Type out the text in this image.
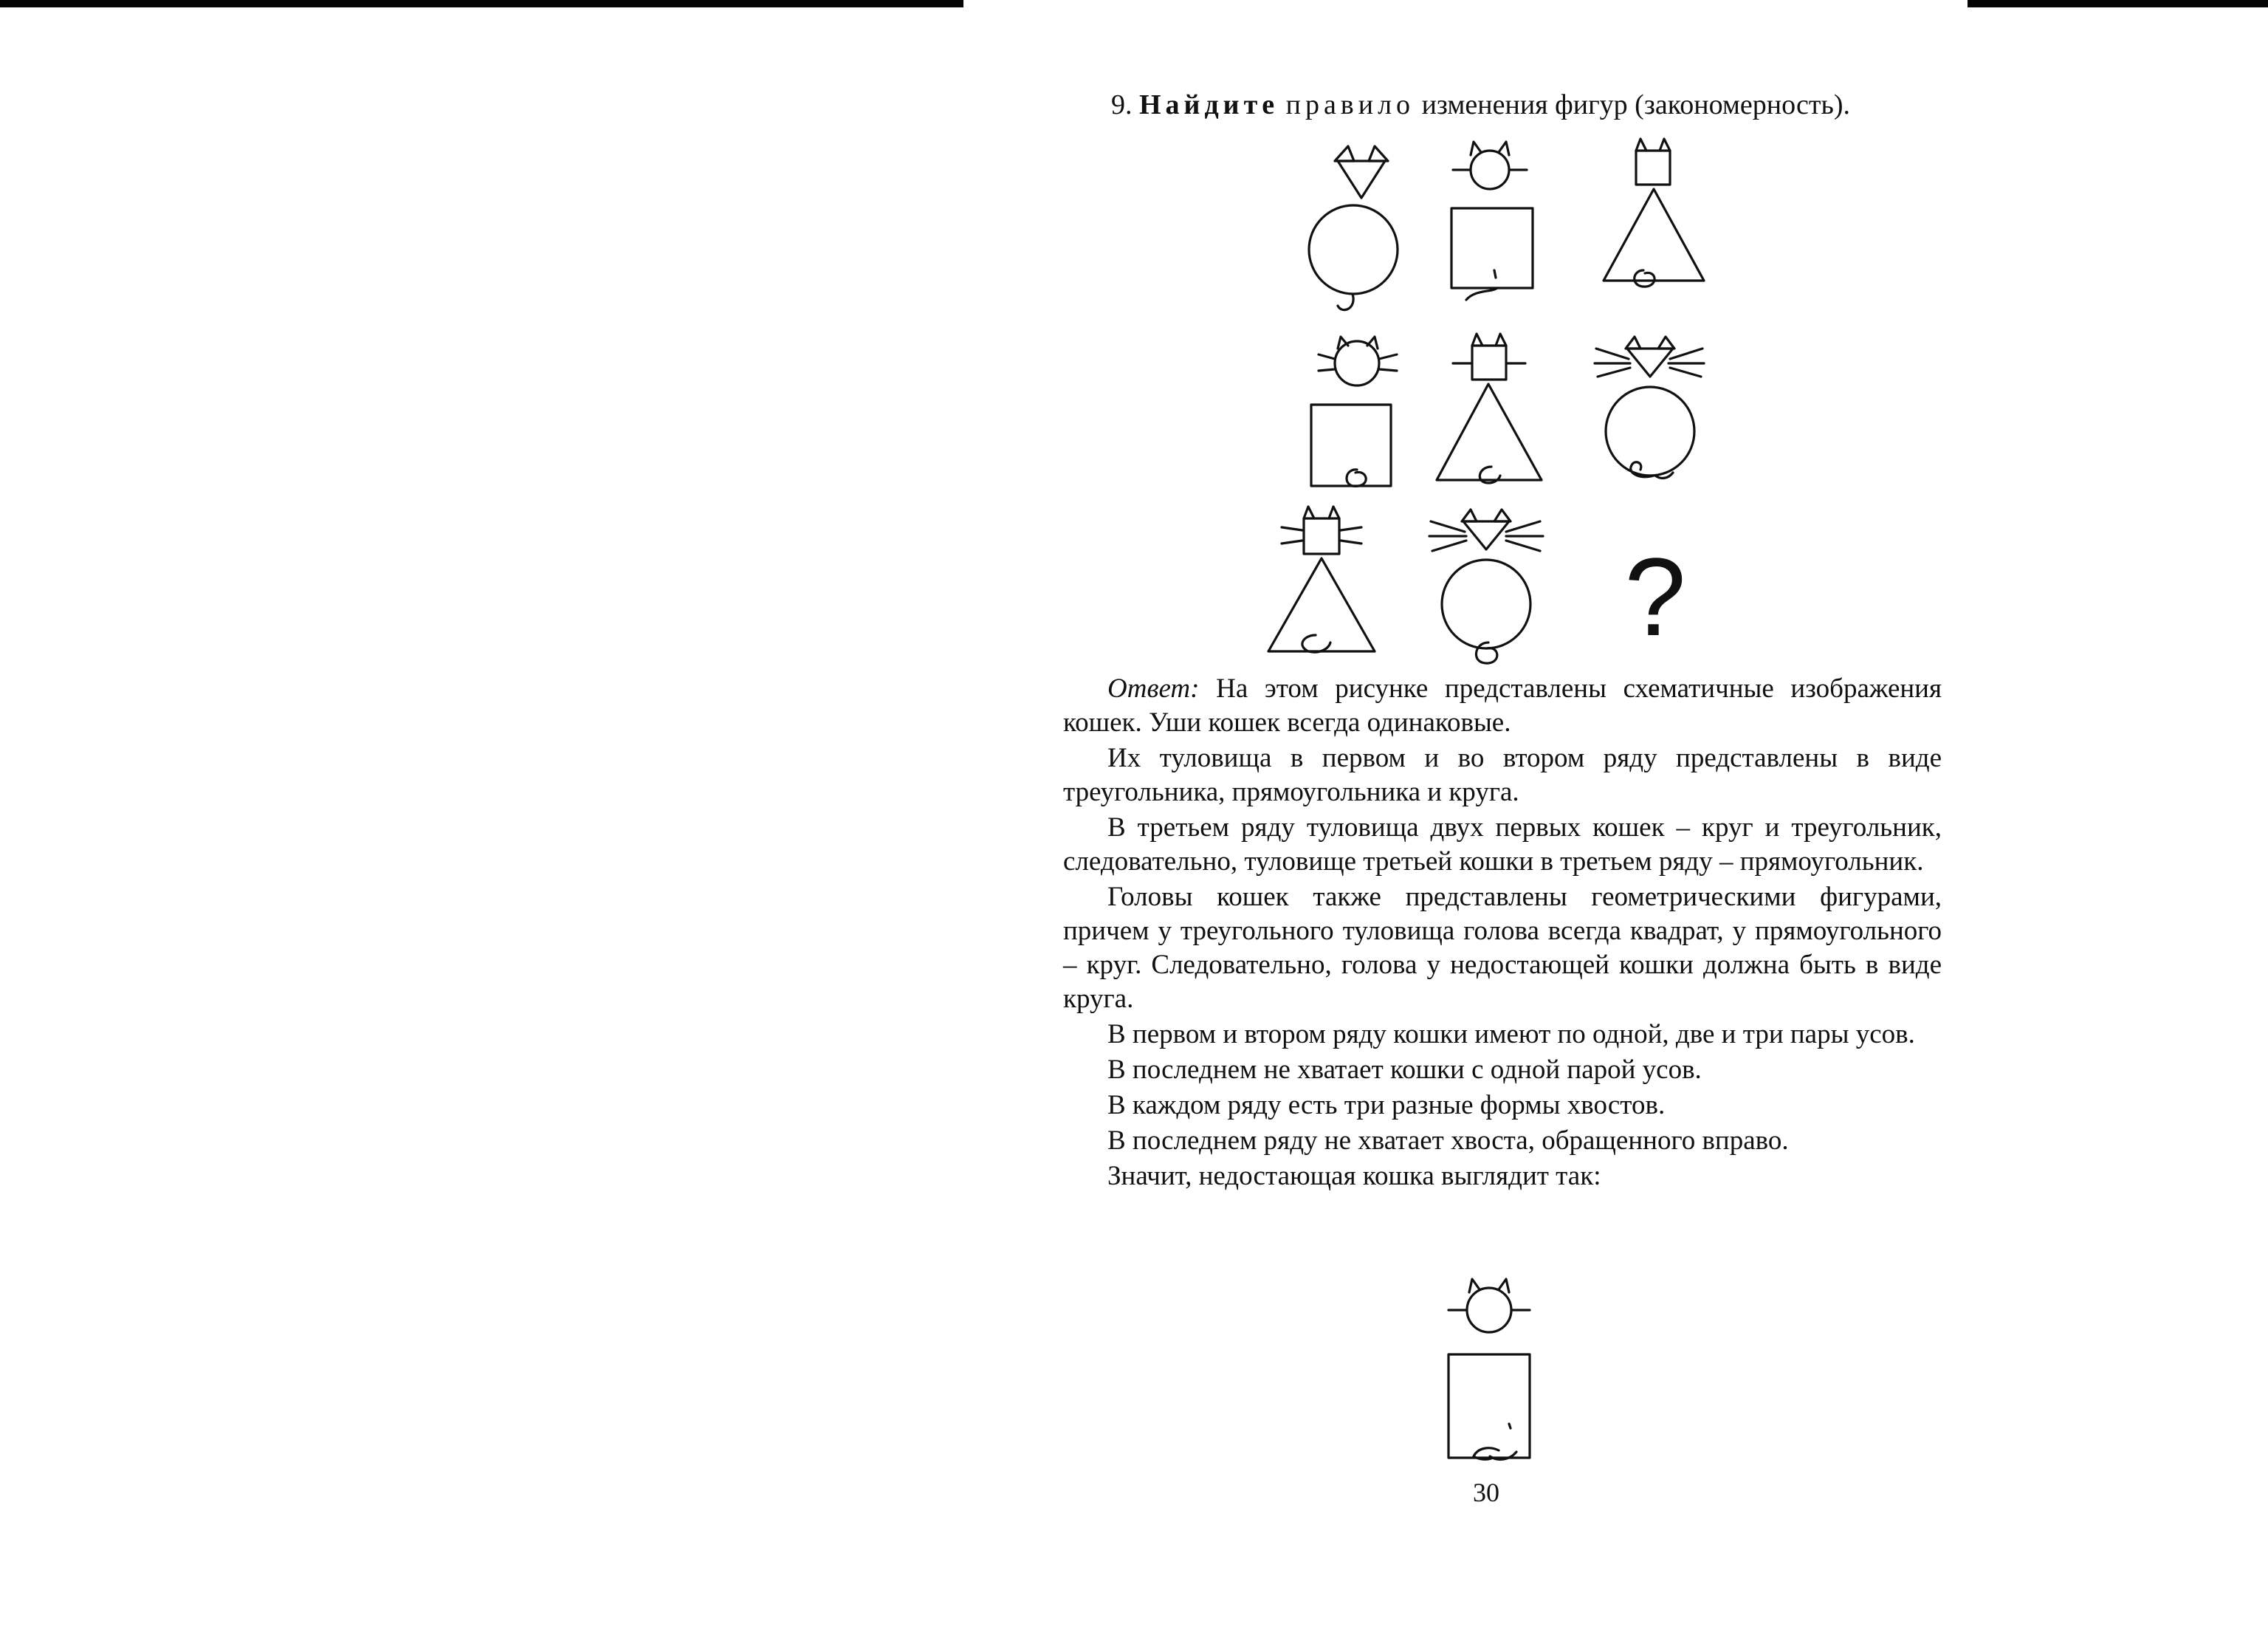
9. Найдите правило изменения фигур (закономерность).
?

Ответ: На этом рисунке представлены схематичные изображения кошек. Уши кошек всегда одинаковые.

Их туловища в первом и во втором ряду представлены в виде треугольника, прямоугольника и круга.

В третьем ряду туловища двух первых кошек – круг и треугольник, следовательно, туловище третьей кошки в третьем ряду – прямоугольник.

Головы кошек также представлены геометрическими фигурами, причем у треугольного туловища голова всегда квадрат, у прямоугольного – круг. Следовательно, голова у недостающей кошки должна быть в виде круга.

В первом и втором ряду кошки имеют по одной, две и три пары усов.

В последнем не хватает кошки с одной парой усов.

В каждом ряду есть три разные формы хвостов.

В последнем ряду не хватает хвоста, обращенного вправо.

Значит, недостающая кошка выглядит так:

30
